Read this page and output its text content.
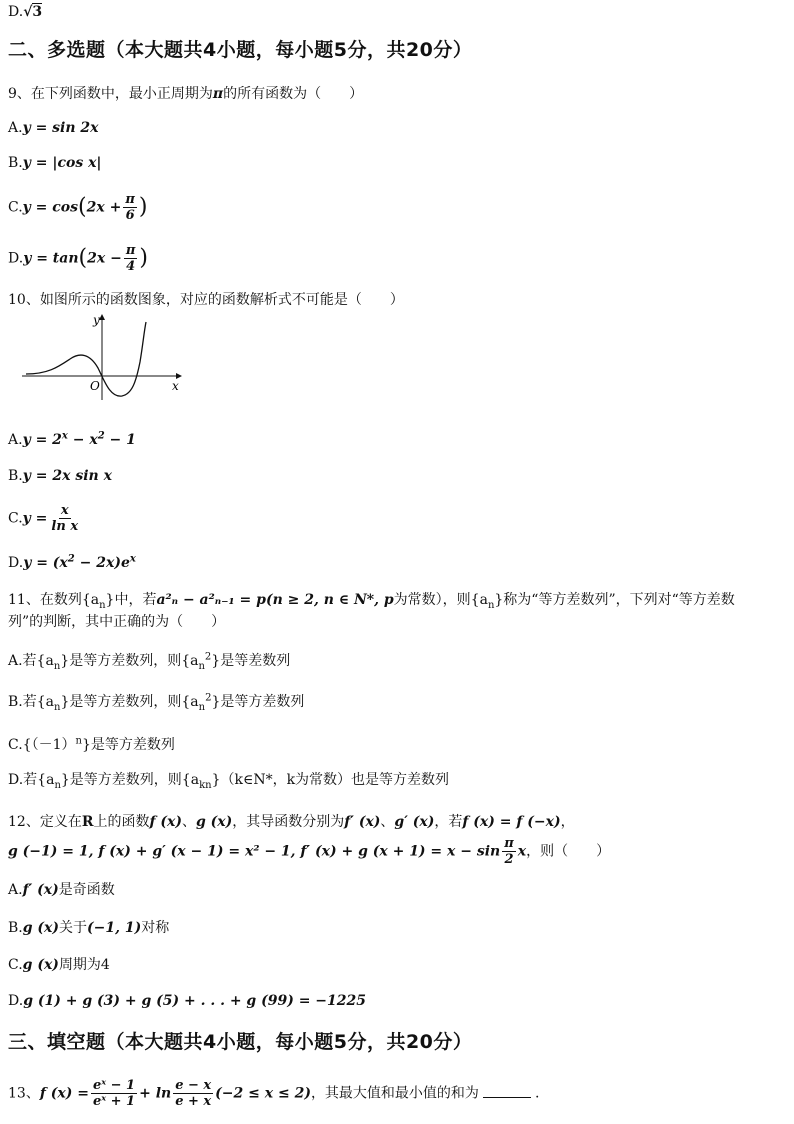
D.√3
二、多选题（本大题共4小题，每小题5分，共20分）
9、在下列函数中，最小正周期为π的所有函数为（　　）
A.y = sin 2x
B.y = |cos x|
$C.y = \cos(2x + \frac{\pi}{6}$ )
$D.y = \tan(2x - \frac{\pi}{4}$ )
10、如图所示的函数图象，对应的函数解析式不可能是（　　）
y
x
O
$A.y = 2^x - x^2 - 1$
B.y = 2x sin x
$C.y = \frac{x}{\text{ln x}}$
$D.y = (x^2 - 2x)e^x$
11、在数列$\{a_n\}$中，若a²ₙ − a²ₙ₋₁ = p(n ≥ 2, n ∈ N*, p为常数），则$\{a_n\}$称为“等方差数列”，下列对“等方差数
列”的判断，其中正确的为（　　）
A.若$\{a_n\}$是等方差数列，则$\{a_n^2\}$是等差数列
B.若$\{a_n\}$是等方差数列，则$\{a_n^2\}$是等方差数列
$C.\{(-1)^n\}$是等方差数列
D.若$\{a_n\}$是等方差数列，则$\{a_{kn}\}(k\in N*$，k为常数）也是等方差数列
12、定义在R上的函数f (x)、g (x)，其导函数分别为f′ (x)、g′ (x)，若f (x) = f (−x)，
g (−1) = 1, f (x) + g′ (x − 1) = x² − 1, f′ (x) + g $(x + 1) = x - \sin \frac{\pi}{2}$ x，则（　　）
A.f′ (x)是奇函数
B.g (x)关于(−1, 1)对称
C.g (x)周期为4
D.g (1) + g (3) + g (5) + . . . + g (99) = −1225
三、填空题（本大题共4小题，每小题5分，共20分）
13、f $(x) = \frac{\text{eˣ − 1}}{\text{eˣ + 1}} + \ln \frac{e - x}{e + x} (-2 \le x \le 2)$，其最大值和最小值的和为	.
